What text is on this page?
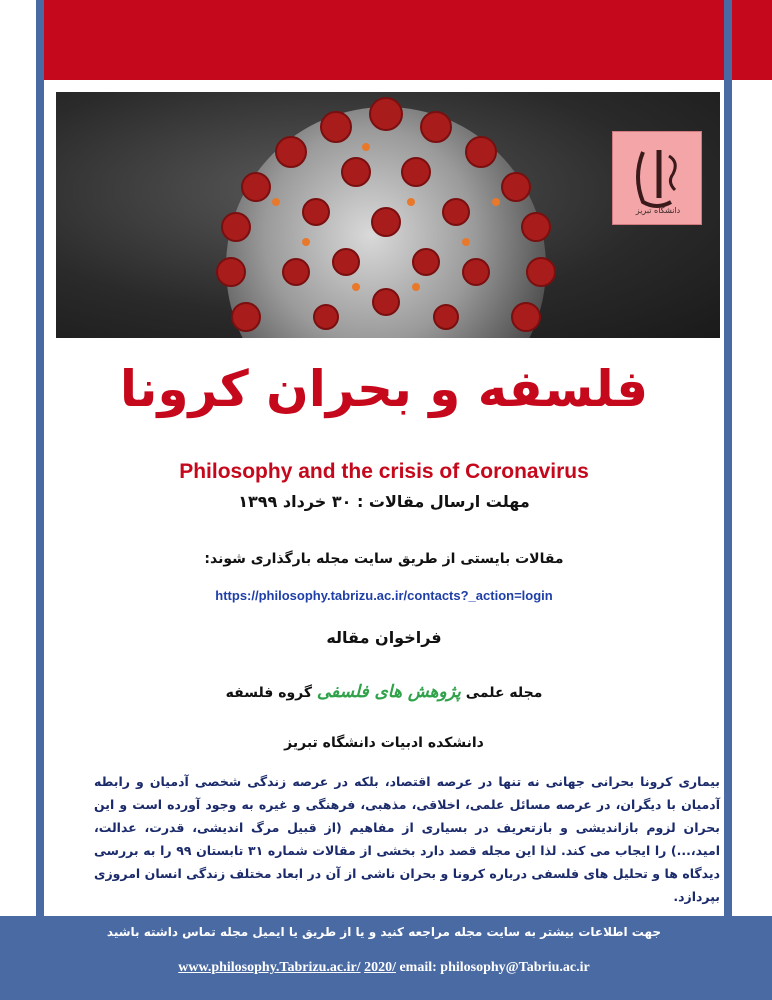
دانشگاه تبریز
فلسفه و بحران کرونا
Philosophy and the crisis of Coronavirus
مهلت ارسال مقالات : ۳۰ خرداد ۱۳۹۹
مقالات بایستی از طریق سایت مجله بارگذاری شوند:
https://philosophy.tabrizu.ac.ir/contacts?_action=login
فراخوان مقاله
مجله علمی پژوهش های فلسفی گروه فلسفه
دانشکده ادبیات دانشگاه تبریز
بیماری کرونا بحرانی جهانی نه تنها در عرصه اقتصاد، بلکه در عرصه زندگی شخصی آدمیان و رابطه آدمیان با دیگران، در عرصه مسائل علمی، اخلاقی، مذهبی، فرهنگی و غیره به وجود آورده است و این بحران لزوم بازاندیشی و بازتعریف در بسیاری از مفاهیم (از قبیل مرگ اندیشی، قدرت، عدالت، امید،...) را ایجاب می کند. لذا این مجله قصد دارد بخشی از مقالات شماره ۳۱ تابستان ۹۹ را به بررسی دیدگاه ها و تحلیل های فلسفی درباره کرونا و بحران ناشی از آن در ابعاد مختلف زندگی انسان امروزی بپردازد.
جهت اطلاعات بیشتر به سایت مجله مراجعه کنید و یا از طریق یا ایمیل مجله تماس داشته باشید
www.philosophy.Tabrizu.ac.ir/ 2020/ email: philosophy@Tabriu.ac.ir
